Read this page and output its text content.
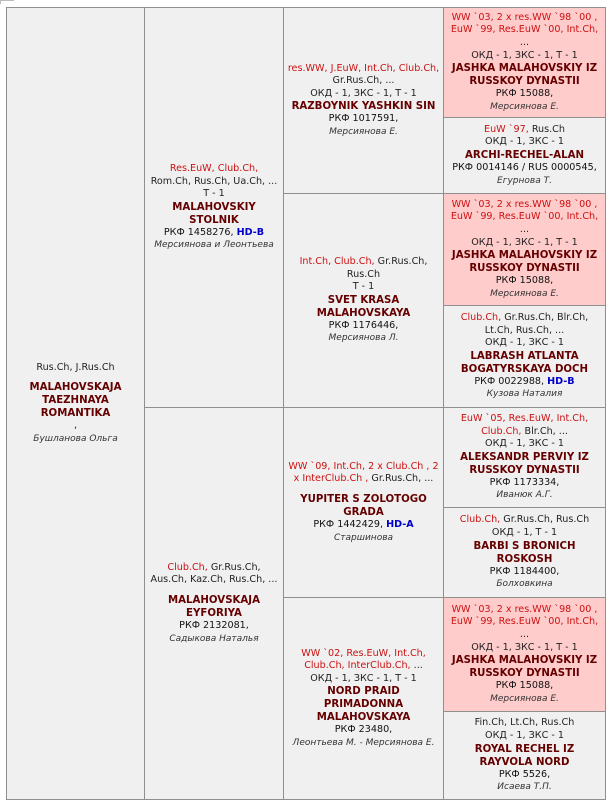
Rus.Ch, J.Rus.Ch
MALAHOVSKAJA TAEZHNAYA ROMANTIKA
,
Бушланова Ольга
Res.EuW, Club.Ch,
Rom.Ch, Rus.Ch, Ua.Ch, ...
Т - 1
MALAHOVSKIY STOLNIK
РКФ 1458276, HD-B
Мерсиянова и Леонтьева
Club.Ch, Gr.Rus.Ch, Aus.Ch, Kaz.Ch, Rus.Ch, ...
MALAHOVSKAJA EYFORIYA
РКФ 2132081,
Садыкова Наталья
res.WW, J.EuW, Int.Ch, Club.Ch, Gr.Rus.Ch, ...
ОКД - 1, ЗКС - 1, Т - 1
RAZBOYNIK YASHKIN SIN
РКФ 1017591,
Мерсиянова Е.
Int.Ch, Club.Ch, Gr.Rus.Ch, Rus.Ch
Т - 1
SVET KRASA MALAHOVSKAYA
РКФ 1176446,
Мерсиянова Л.
WW `09, Int.Ch, 2 x Club.Ch , 2 x InterClub.Ch , Gr.Rus.Ch, ...
YUPITER S ZOLOTOGO GRADA
РКФ 1442429, HD-A
Старшинова
WW `02, Res.EuW, Int.Ch, Club.Ch, InterClub.Ch, ...
ОКД - 1, ЗКС - 1, Т - 1
NORD PRAID PRIMADONNA MALAHOVSKAYA
РКФ 23480,
Леонтьева М. - Мерсиянова Е.
WW `03, 2 x res.WW `98 `00 , EuW `99, Res.EuW `00, Int.Ch, ...
ОКД - 1, ЗКС - 1, Т - 1
JASHKA MALAHOVSKIY IZ RUSSKOY DYNASTII
РКФ 15088,
Мерсиянова Е.
EuW `97, Rus.Ch
ОКД - 1, ЗКС - 1
ARCHI-RECHEL-ALAN
РКФ 0014146 / RUS 0000545,
Егурнова Т.
WW `03, 2 x res.WW `98 `00 , EuW `99, Res.EuW `00, Int.Ch, ...
ОКД - 1, ЗКС - 1, Т - 1
JASHKA MALAHOVSKIY IZ RUSSKOY DYNASTII
РКФ 15088,
Мерсиянова Е.
Club.Ch, Gr.Rus.Ch, Blr.Ch, Lt.Ch, Rus.Ch, ...
ОКД - 1, ЗКС - 1
LABRASH ATLANTA BOGATYRSKAYA DOCH
РКФ 0022988, HD-B
Кузова Наталия
EuW `05, Res.EuW, Int.Ch, Club.Ch, Blr.Ch, ...
ОКД - 1, ЗКС - 1
ALEKSANDR PERVIY IZ RUSSKOY DYNASTII
РКФ 1173334,
Иванюк А.Г.
Club.Ch, Gr.Rus.Ch, Rus.Ch
ОКД - 1, Т - 1
BARBI S BRONICH ROSKOSH
РКФ 1184400,
Болховкина
WW `03, 2 x res.WW `98 `00 , EuW `99, Res.EuW `00, Int.Ch, ...
ОКД - 1, ЗКС - 1, Т - 1
JASHKA MALAHOVSKIY IZ RUSSKOY DYNASTII
РКФ 15088,
Мерсиянова Е.
Fin.Ch, Lt.Ch, Rus.Ch
ОКД - 1, ЗКС - 1
ROYAL RECHEL IZ RAYVOLA NORD
РКФ 5526,
Исаева Т.П.
